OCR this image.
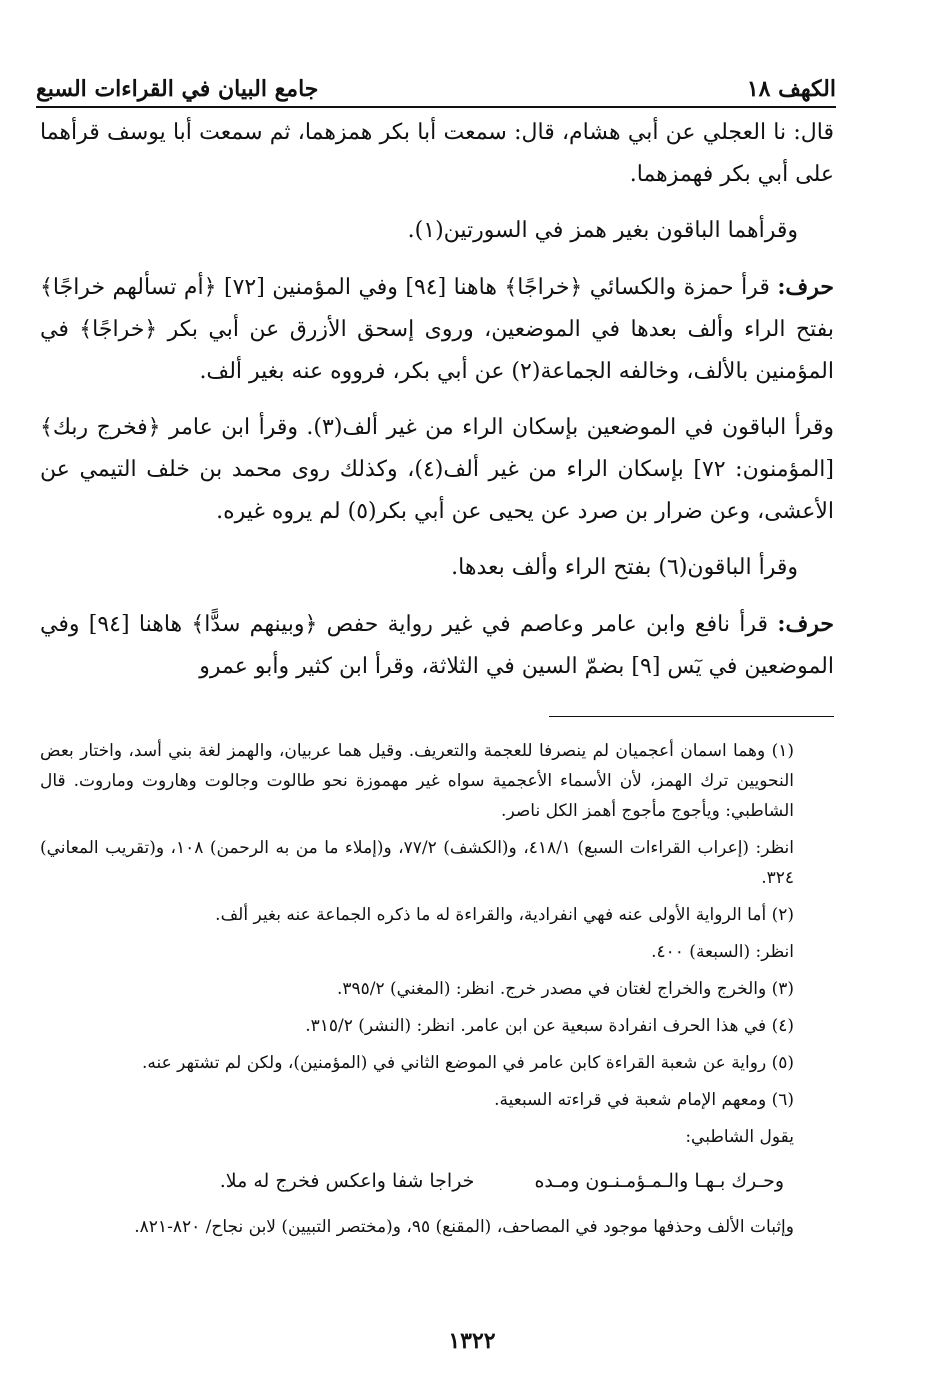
الكهف ١٨
جامع البيان في القراءات السبع

قال: نا العجلي عن أبي هشام، قال: سمعت أبا بكر همزهما، ثم سمعت أبا يوسف قرأهما على أبي بكر فهمزهما.

وقرأهما الباقون بغير همز في السورتين(١).

حرف: قرأ حمزة والكسائي ﴿خراجًا﴾ هاهنا [٩٤] وفي المؤمنين [٧٢] ﴿أم تسألهم خراجًا﴾ بفتح الراء وألف بعدها في الموضعين، وروى إسحق الأزرق عن أبي بكر ﴿خراجًا﴾ في المؤمنين بالألف، وخالفه الجماعة(٢) عن أبي بكر، فرووه عنه بغير ألف.

وقرأ الباقون في الموضعين بإسكان الراء من غير ألف(٣). وقرأ ابن عامر ﴿فخرج ربك﴾ [المؤمنون: ٧٢] بإسكان الراء من غير ألف(٤)، وكذلك روى محمد بن خلف التيمي عن الأعشى، وعن ضرار بن صرد عن يحيى عن أبي بكر(٥) لم يروه غيره.

وقرأ الباقون(٦) بفتح الراء وألف بعدها.

حرف: قرأ نافع وابن عامر وعاصم في غير رواية حفص ﴿وبينهم سدًّا﴾ هاهنا [٩٤] وفي الموضعين في يٓس [٩] بضمّ السين في الثلاثة، وقرأ ابن كثير وأبو عمرو

(١) وهما اسمان أعجميان لم ينصرفا للعجمة والتعريف. وقيل هما عربيان، والهمز لغة بني أسد، واختار بعض النحويين ترك الهمز، لأن الأسماء الأعجمية سواه غير مهموزة نحو طالوت وجالوت وهاروت وماروت. قال الشاطبي: ويأجوج مأجوج أهمز الكل ناصر.

انظر: (إعراب القراءات السبع) ٤١٨/١، و(الكشف) ٧٧/٢، و(إملاء ما من به الرحمن) ١٠٨، و(تقريب المعاني) ٣٢٤.

(٢) أما الرواية الأولى عنه فهي انفرادية، والقراءة له ما ذكره الجماعة عنه بغير ألف.

انظر: (السبعة) ٤٠٠.

(٣) والخرج والخراج لغتان في مصدر خرج. انظر: (المغني) ٣٩٥/٢.

(٤) في هذا الحرف انفرادة سبعية عن ابن عامر. انظر: (النشر) ٣١٥/٢.

(٥) رواية عن شعبة القراءة كابن عامر في الموضع الثاني في (المؤمنين)، ولكن لم تشتهر عنه.

(٦) ومعهم الإمام شعبة في قراءته السبعية.

يقول الشاطبي:

وحـرك بـهـا والـمـؤمـنـون ومـده
خراجا شفا واعكس فخرج له ملا.

وإثبات الألف وحذفها موجود في المصاحف، (المقنع) ٩٥، و(مختصر التبيين) لابن نجاح/ ٨٢٠-٨٢١.

١٣٢٢
